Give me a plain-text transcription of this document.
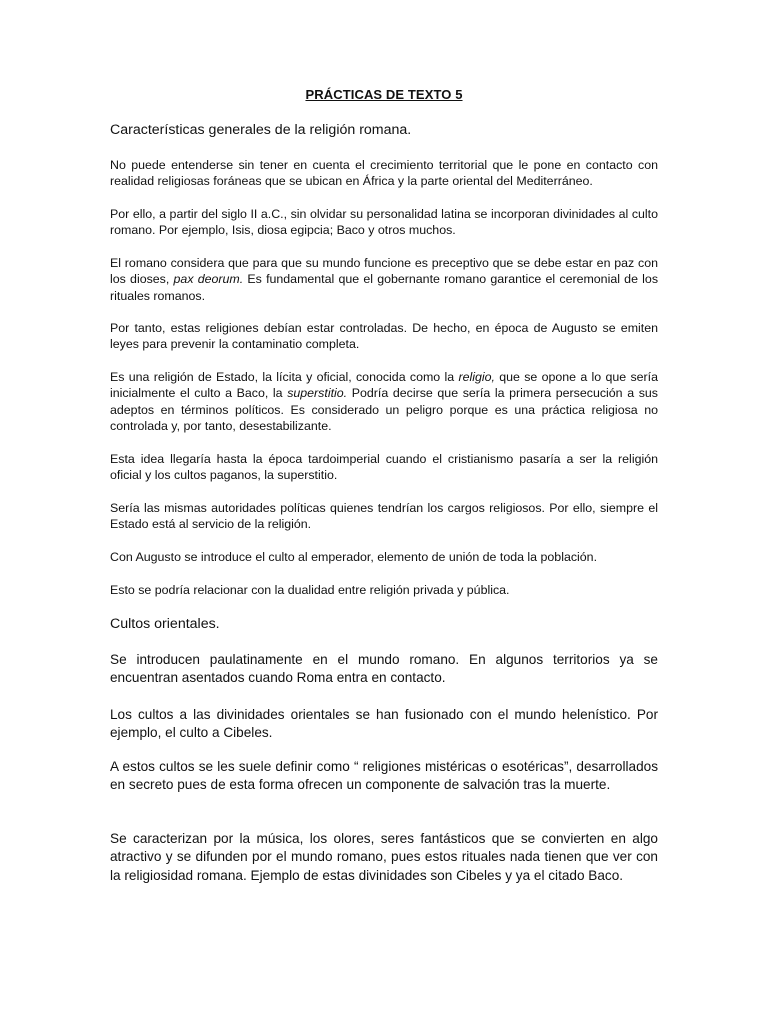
PRÁCTICAS DE TEXTO 5

Características generales de la religión romana.

No puede entenderse sin tener en cuenta el crecimiento territorial que le pone en contacto con realidad religiosas foráneas que se ubican en África y la parte oriental del Mediterráneo.

Por ello, a partir del siglo II a.C., sin olvidar su personalidad latina se incorporan divinidades al culto romano. Por ejemplo, Isis, diosa egipcia; Baco y otros muchos.

El romano considera que para que su mundo funcione es preceptivo que se debe estar en paz con los dioses, pax deorum. Es fundamental que el gobernante romano garantice el ceremonial de los rituales romanos.

Por tanto, estas religiones debían estar controladas. De hecho, en época de Augusto se emiten leyes para prevenir la contaminatio completa.

Es una religión de Estado, la lícita y oficial, conocida como la religio, que se opone a lo que sería inicialmente el culto a Baco, la superstitio. Podría decirse que sería la primera persecución a sus adeptos en términos políticos. Es considerado un peligro porque es una práctica religiosa no controlada y, por tanto, desestabilizante.

Esta idea llegaría hasta la época tardoimperial cuando el cristianismo pasaría a ser la religión oficial y los cultos paganos, la superstitio.

Sería las mismas autoridades políticas quienes tendrían los cargos religiosos. Por ello, siempre el Estado está al servicio de la religión.

Con Augusto se introduce el culto al emperador, elemento de unión de toda la población.

Esto se podría relacionar con la dualidad entre religión privada y pública.

Cultos orientales.

Se introducen paulatinamente en el mundo romano. En algunos territorios ya se encuentran asentados cuando Roma entra en contacto.

Los cultos a las divinidades orientales se han fusionado con el mundo helenístico. Por ejemplo, el culto a Cibeles.

A estos cultos se les suele definir como “ religiones mistéricas o esotéricas”, desarrollados en secreto pues de esta forma ofrecen un componente de salvación tras la muerte.

Se caracterizan por la música, los olores, seres fantásticos que se convierten en algo atractivo y se difunden por el mundo romano, pues estos rituales nada tienen que ver con la religiosidad romana. Ejemplo de estas divinidades son Cibeles y ya el citado Baco.
